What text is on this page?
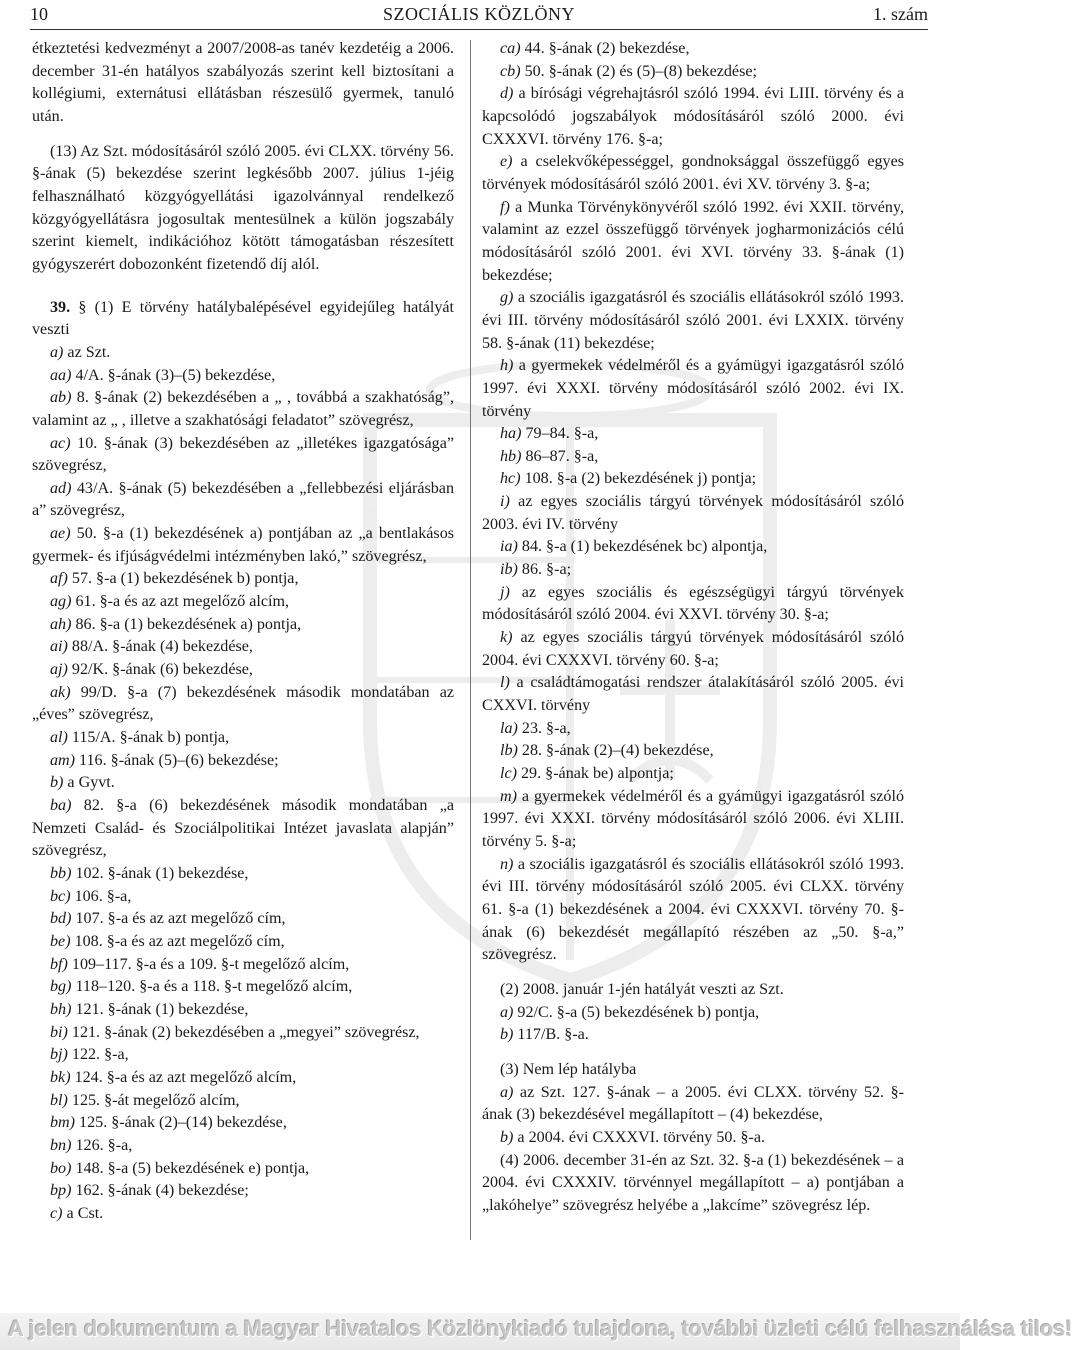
10	SZOCIÁLIS KÖZLÖNY	1. szám

étkeztetési kedvezményt a 2007/2008-as tanév kezdetéig a 2006. december 31-én hatályos szabályozás szerint kell biztosítani a kollégiumi, externátusi ellátásban részesülő gyermek, tanuló után.

(13) Az Szt. módosításáról szóló 2005. évi CLXX. törvény 56. §-ának (5) bekezdése szerint legkésőbb 2007. július 1-jéig felhasználható közgyógyellátási igazolvánnyal rendelkező közgyógyellátásra jogosultak mentesülnek a külön jogszabály szerint kiemelt, indikációhoz kötött támogatásban részesített gyógyszerért dobozonként fizetendő díj alól.

39. § (1) E törvény hatálybalépésével egyidejűleg hatályát veszti

a) az Szt.

aa) 4/A. §-ának (3)–(5) bekezdése,

ab) 8. §-ának (2) bekezdésében a „ , továbbá a szakhatóság”, valamint az „ , illetve a szakhatósági feladatot” szövegrész,

ac) 10. §-ának (3) bekezdésében az „illetékes igazgatósága” szövegrész,

ad) 43/A. §-ának (5) bekezdésében a „fellebbezési eljárásban a” szövegrész,

ae) 50. §-a (1) bekezdésének a) pontjában az „a bentlakásos gyermek- és ifjúságvédelmi intézményben lakó,” szövegrész,

af) 57. §-a (1) bekezdésének b) pontja,

ag) 61. §-a és az azt megelőző alcím,

ah) 86. §-a (1) bekezdésének a) pontja,

ai) 88/A. §-ának (4) bekezdése,

aj) 92/K. §-ának (6) bekezdése,

ak) 99/D. §-a (7) bekezdésének második mondatában az „éves” szövegrész,

al) 115/A. §-ának b) pontja,

am) 116. §-ának (5)–(6) bekezdése;

b) a Gyvt.

ba) 82. §-a (6) bekezdésének második mondatában „a Nemzeti Család- és Szociálpolitikai Intézet javaslata alapján” szövegrész,

bb) 102. §-ának (1) bekezdése,

bc) 106. §-a,

bd) 107. §-a és az azt megelőző cím,

be) 108. §-a és az azt megelőző cím,

bf) 109–117. §-a és a 109. §-t megelőző alcím,

bg) 118–120. §-a és a 118. §-t megelőző alcím,

bh) 121. §-ának (1) bekezdése,

bi) 121. §-ának (2) bekezdésében a „megyei” szövegrész,

bj) 122. §-a,

bk) 124. §-a és az azt megelőző alcím,

bl) 125. §-át megelőző alcím,

bm) 125. §-ának (2)–(14) bekezdése,

bn) 126. §-a,

bo) 148. §-a (5) bekezdésének e) pontja,

bp) 162. §-ának (4) bekezdése;

c) a Cst.

ca) 44. §-ának (2) bekezdése,

cb) 50. §-ának (2) és (5)–(8) bekezdése;

d) a bírósági végrehajtásról szóló 1994. évi LIII. törvény és a kapcsolódó jogszabályok módosításáról szóló 2000. évi CXXXVI. törvény 176. §-a;

e) a cselekvőképességgel, gondnoksággal összefüggő egyes törvények módosításáról szóló 2001. évi XV. törvény 3. §-a;

f) a Munka Törvénykönyvéről szóló 1992. évi XXII. törvény, valamint az ezzel összefüggő törvények jogharmonizációs célú módosításáról szóló 2001. évi XVI. törvény 33. §-ának (1) bekezdése;

g) a szociális igazgatásról és szociális ellátásokról szóló 1993. évi III. törvény módosításáról szóló 2001. évi LXXIX. törvény 58. §-ának (11) bekezdése;

h) a gyermekek védelméről és a gyámügyi igazgatásról szóló 1997. évi XXXI. törvény módosításáról szóló 2002. évi IX. törvény

ha) 79–84. §-a,

hb) 86–87. §-a,

hc) 108. §-a (2) bekezdésének j) pontja;

i) az egyes szociális tárgyú törvények módosításáról szóló 2003. évi IV. törvény

ia) 84. §-a (1) bekezdésének bc) alpontja,

ib) 86. §-a;

j) az egyes szociális és egészségügyi tárgyú törvények módosításáról szóló 2004. évi XXVI. törvény 30. §-a;

k) az egyes szociális tárgyú törvények módosításáról szóló 2004. évi CXXXVI. törvény 60. §-a;

l) a családtámogatási rendszer átalakításáról szóló 2005. évi CXXVI. törvény

la) 23. §-a,

lb) 28. §-ának (2)–(4) bekezdése,

lc) 29. §-ának be) alpontja;

m) a gyermekek védelméről és a gyámügyi igazgatásról szóló 1997. évi XXXI. törvény módosításáról szóló 2006. évi XLIII. törvény 5. §-a;

n) a szociális igazgatásról és szociális ellátásokról szóló 1993. évi III. törvény módosításáról szóló 2005. évi CLXX. törvény 61. §-a (1) bekezdésének a 2004. évi CXXXVI. törvény 70. §-ának (6) bekezdését megállapító részében az „50. §-a,” szövegrész.

(2) 2008. január 1-jén hatályát veszti az Szt.

a) 92/C. §-a (5) bekezdésének b) pontja,

b) 117/B. §-a.

(3) Nem lép hatályba

a) az Szt. 127. §-ának – a 2005. évi CLXX. törvény 52. §-ának (3) bekezdésével megállapított – (4) bekezdése,

b) a 2004. évi CXXXVI. törvény 50. §-a.

(4) 2006. december 31-én az Szt. 32. §-a (1) bekezdésének – a 2004. évi CXXXIV. törvénnyel megállapított – a) pontjában a „lakóhelye” szövegrész helyébe a „lakcíme” szövegrész lép.

A jelen dokumentum a Magyar Hivatalos Közlönykiadó tulajdona, további üzleti célú felhasználása tilos!
